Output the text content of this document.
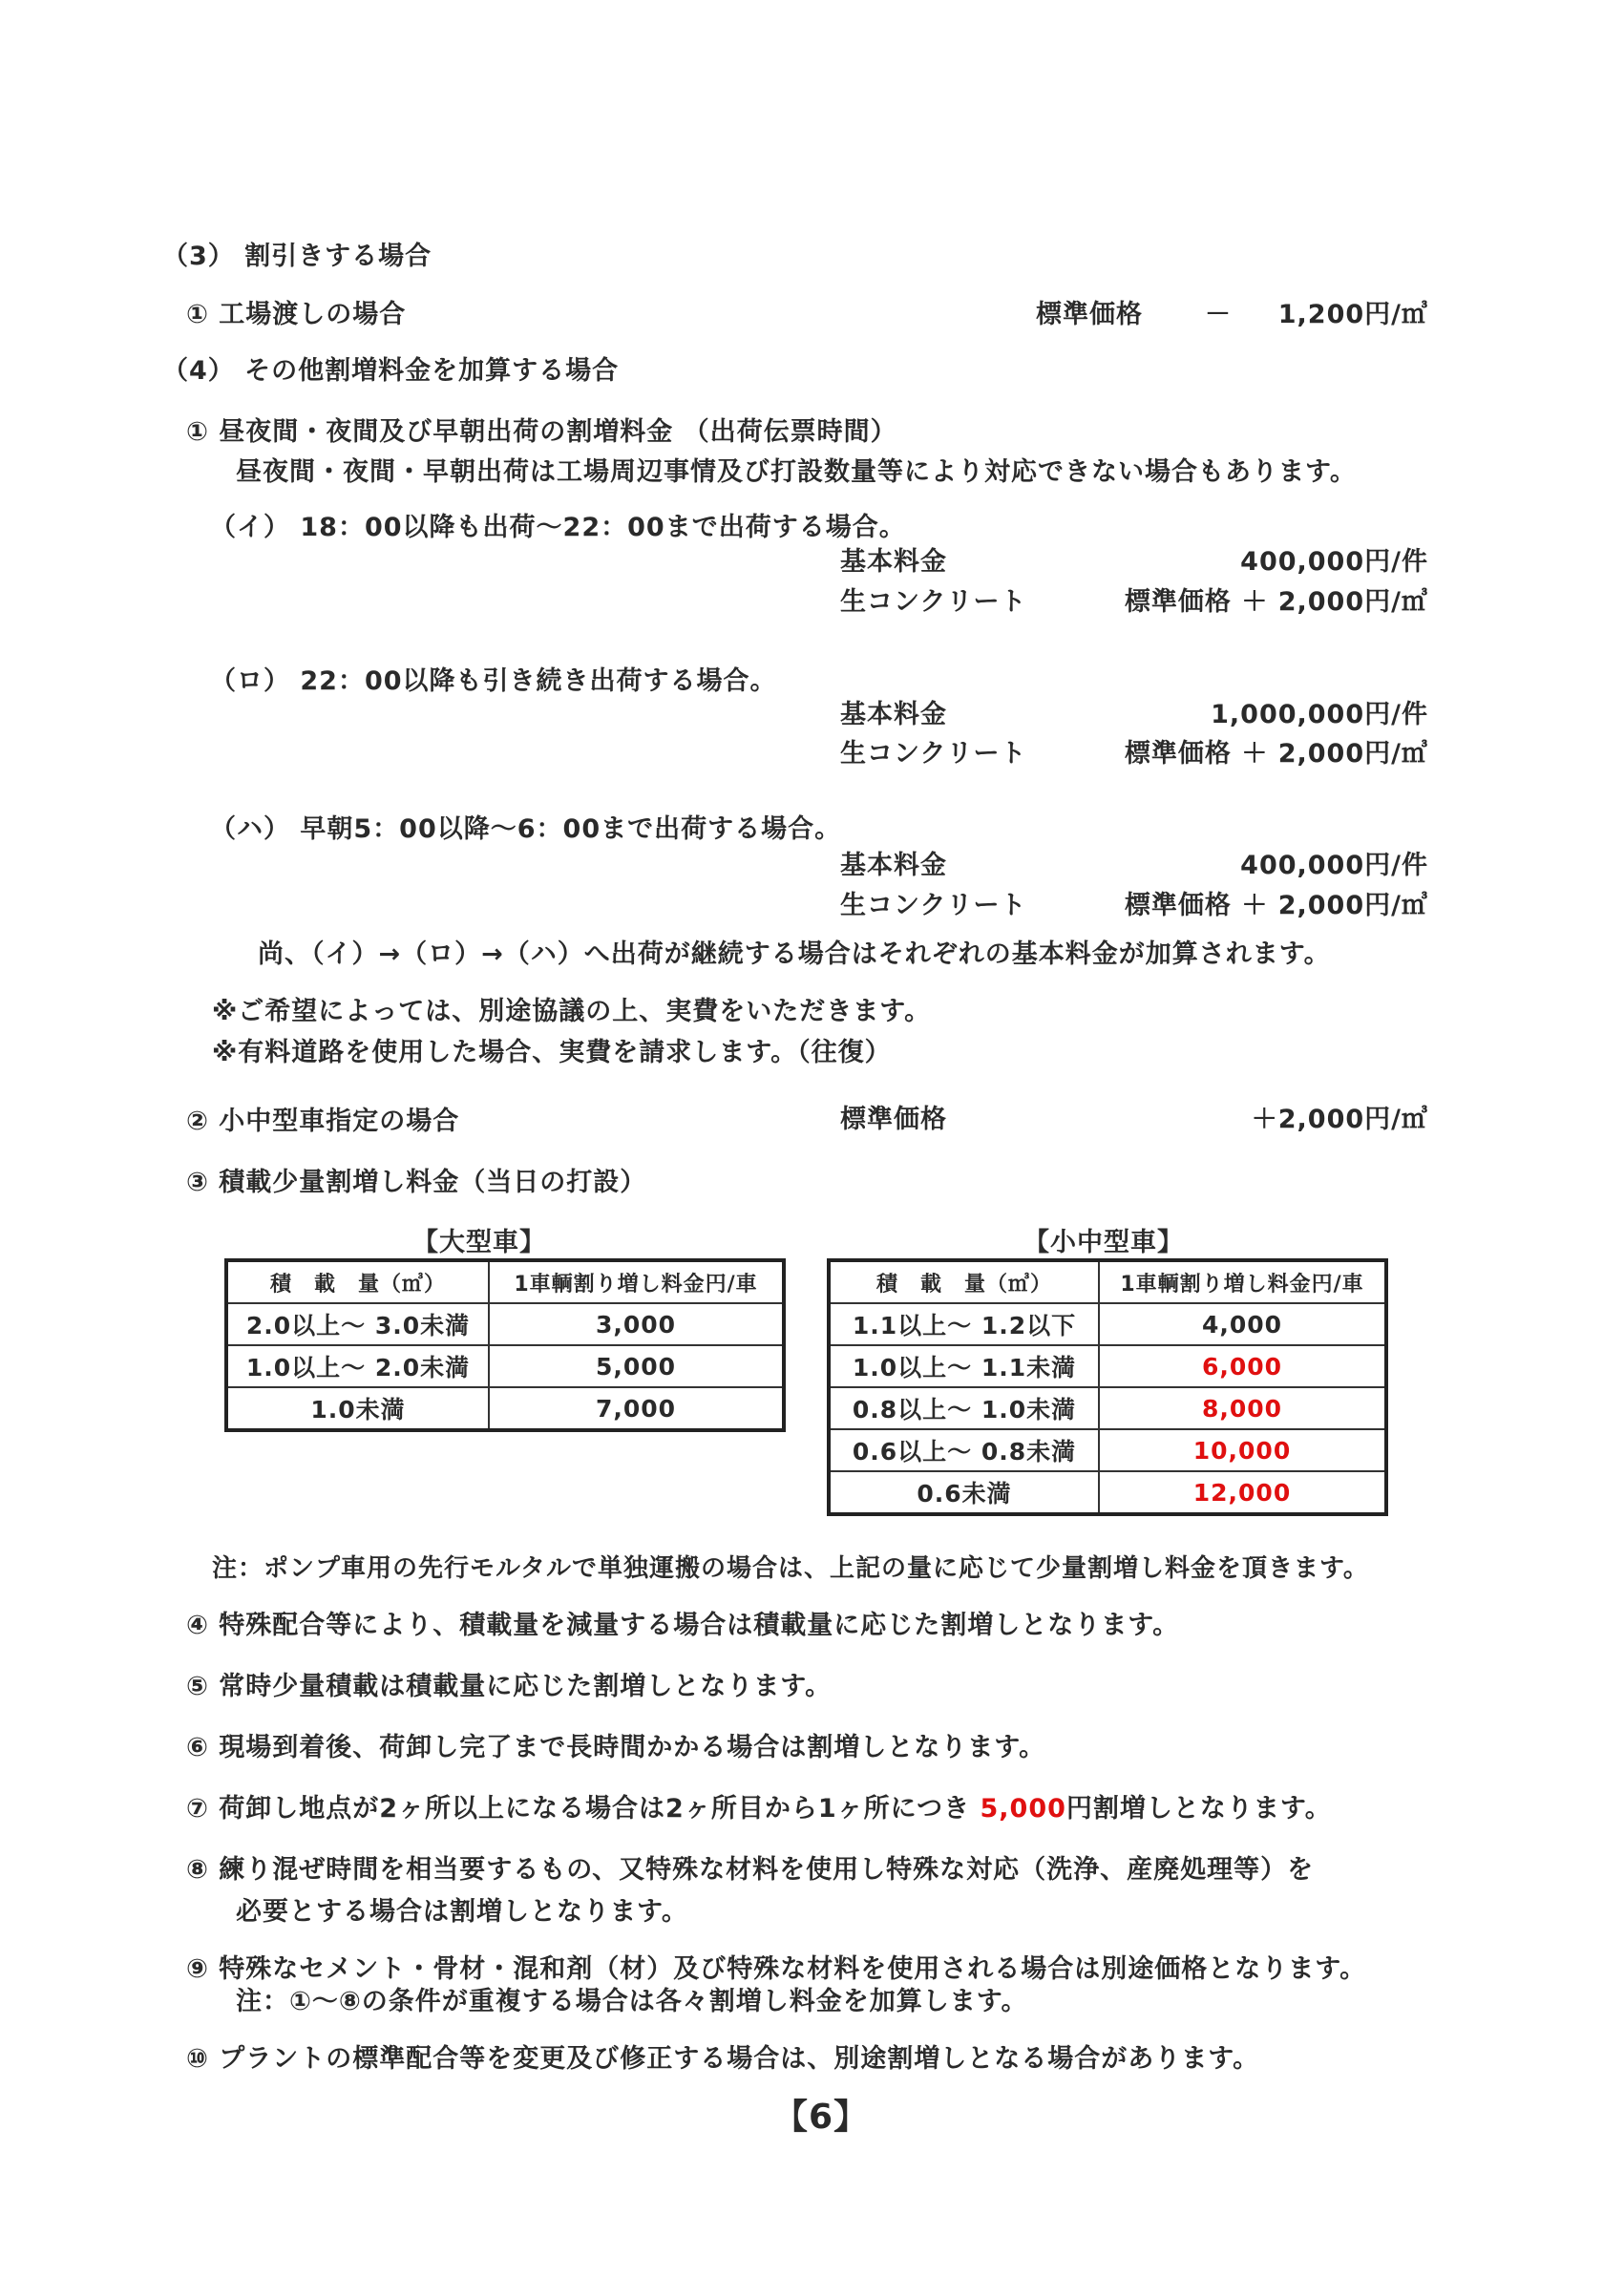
（3） 割引きする場合
① 工場渡しの場合	標準価格 －	1,200円/㎥
（4） その他割増料金を加算する場合
① 昼夜間・夜間及び早朝出荷の割増料金 （出荷伝票時間）
昼夜間・夜間・早朝出荷は工場周辺事情及び打設数量等により対応できない場合もあります。
（イ） 18：00以降も出荷～22：00まで出荷する場合。
基本料金	400,000円/件
生コンクリート	標準価格 ＋ 2,000円/㎥
（ロ） 22：00以降も引き続き出荷する場合。
基本料金	1,000,000円/件
生コンクリート	標準価格 ＋ 2,000円/㎥
（ハ） 早朝5：00以降～6：00まで出荷する場合。
基本料金	400,000円/件
生コンクリート	標準価格 ＋ 2,000円/㎥
尚、（イ）→（ロ）→（ハ）へ出荷が継続する場合はそれぞれの基本料金が加算されます。
※ご希望によっては、別途協議の上、実費をいただきます。
※有料道路を使用した場合、実費を請求します。（往復）
② 小中型車指定の場合	標準価格	＋2,000円/㎥
③ 積載少量割増し料金（当日の打設）
【大型車】
積　載　量（㎥）	1車輌割り増し料金円/車
2.0以上～ 3.0未満	3,000
1.0以上～ 2.0未満	5,000
1.0未満	7,000
【小中型車】
積　載　量（㎥）	1車輌割り増し料金円/車
1.1以上～ 1.2以下	4,000
1.0以上～ 1.1未満	6,000
0.8以上～ 1.0未満	8,000
0.6以上～ 0.8未満	10,000
0.6未満	12,000
注：ポンプ車用の先行モルタルで単独運搬の場合は、上記の量に応じて少量割増し料金を頂きます。
④ 特殊配合等により、積載量を減量する場合は積載量に応じた割増しとなります。
⑤ 常時少量積載は積載量に応じた割増しとなります。
⑥ 現場到着後、荷卸し完了まで長時間かかる場合は割増しとなります。
⑦ 荷卸し地点が2ヶ所以上になる場合は2ヶ所目から1ヶ所につき 5,000円割増しとなります。
⑧ 練り混ぜ時間を相当要するもの、又特殊な材料を使用し特殊な対応（洗浄、産廃処理等）を
必要とする場合は割増しとなります。
⑨ 特殊なセメント・骨材・混和剤（材）及び特殊な材料を使用される場合は別途価格となります。
注：①～⑧の条件が重複する場合は各々割増し料金を加算します。
⑩ プラントの標準配合等を変更及び修正する場合は、別途割増しとなる場合があります。
【6】
